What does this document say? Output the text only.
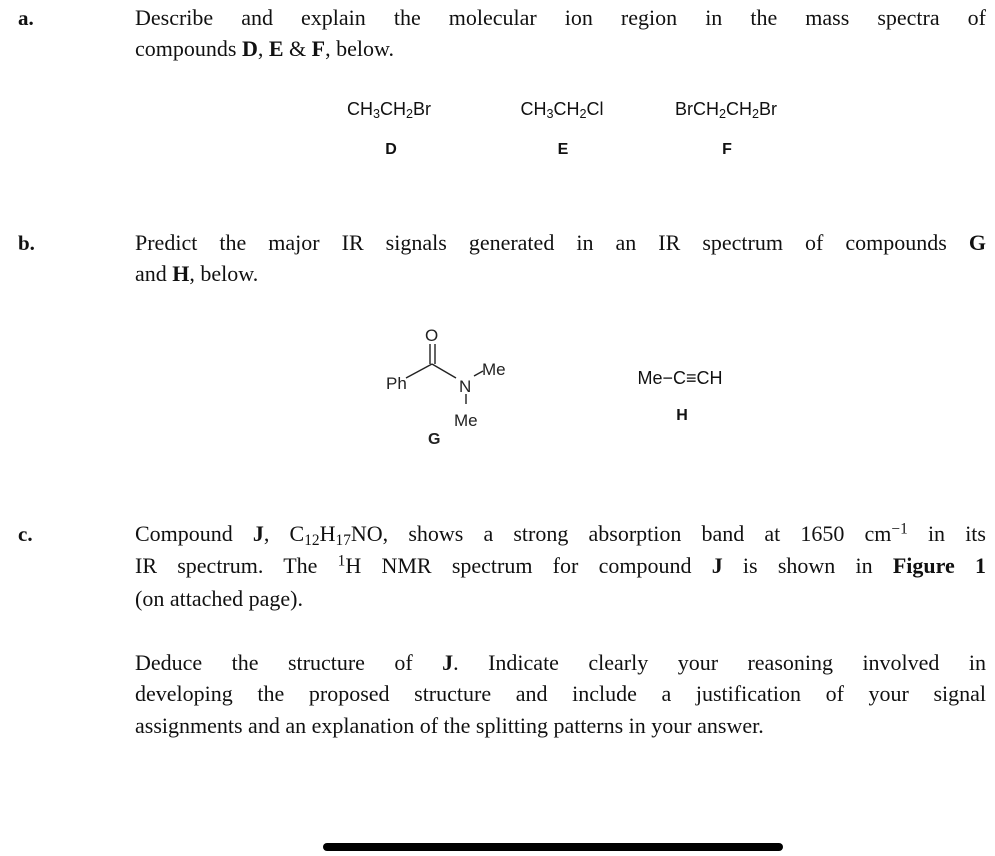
a.	Describe and explain the molecular ion region in the mass spectra of
compounds D, E & F, below.
$CH_3CH_2Br$	$CH_3CH_2Cl$	$BrCH_2CH_2Br$
D	E	F
b.	Predict the major IR signals generated in an IR spectrum of compounds G
and H, below.
O
Ph	N
Me
Me
G
Me−C≡CH
H
c.	Compound J, $C_{12}H_{17}NO$, shows a strong absorption band at 1650 $cm^{-1}$ in its
IR spectrum. The $^1$H NMR spectrum for compound J is shown in Figure 1
(on attached page).
Deduce the structure of J. Indicate clearly your reasoning involved in
developing the proposed structure and include a justification of your signal
assignments and an explanation of the splitting patterns in your answer.
